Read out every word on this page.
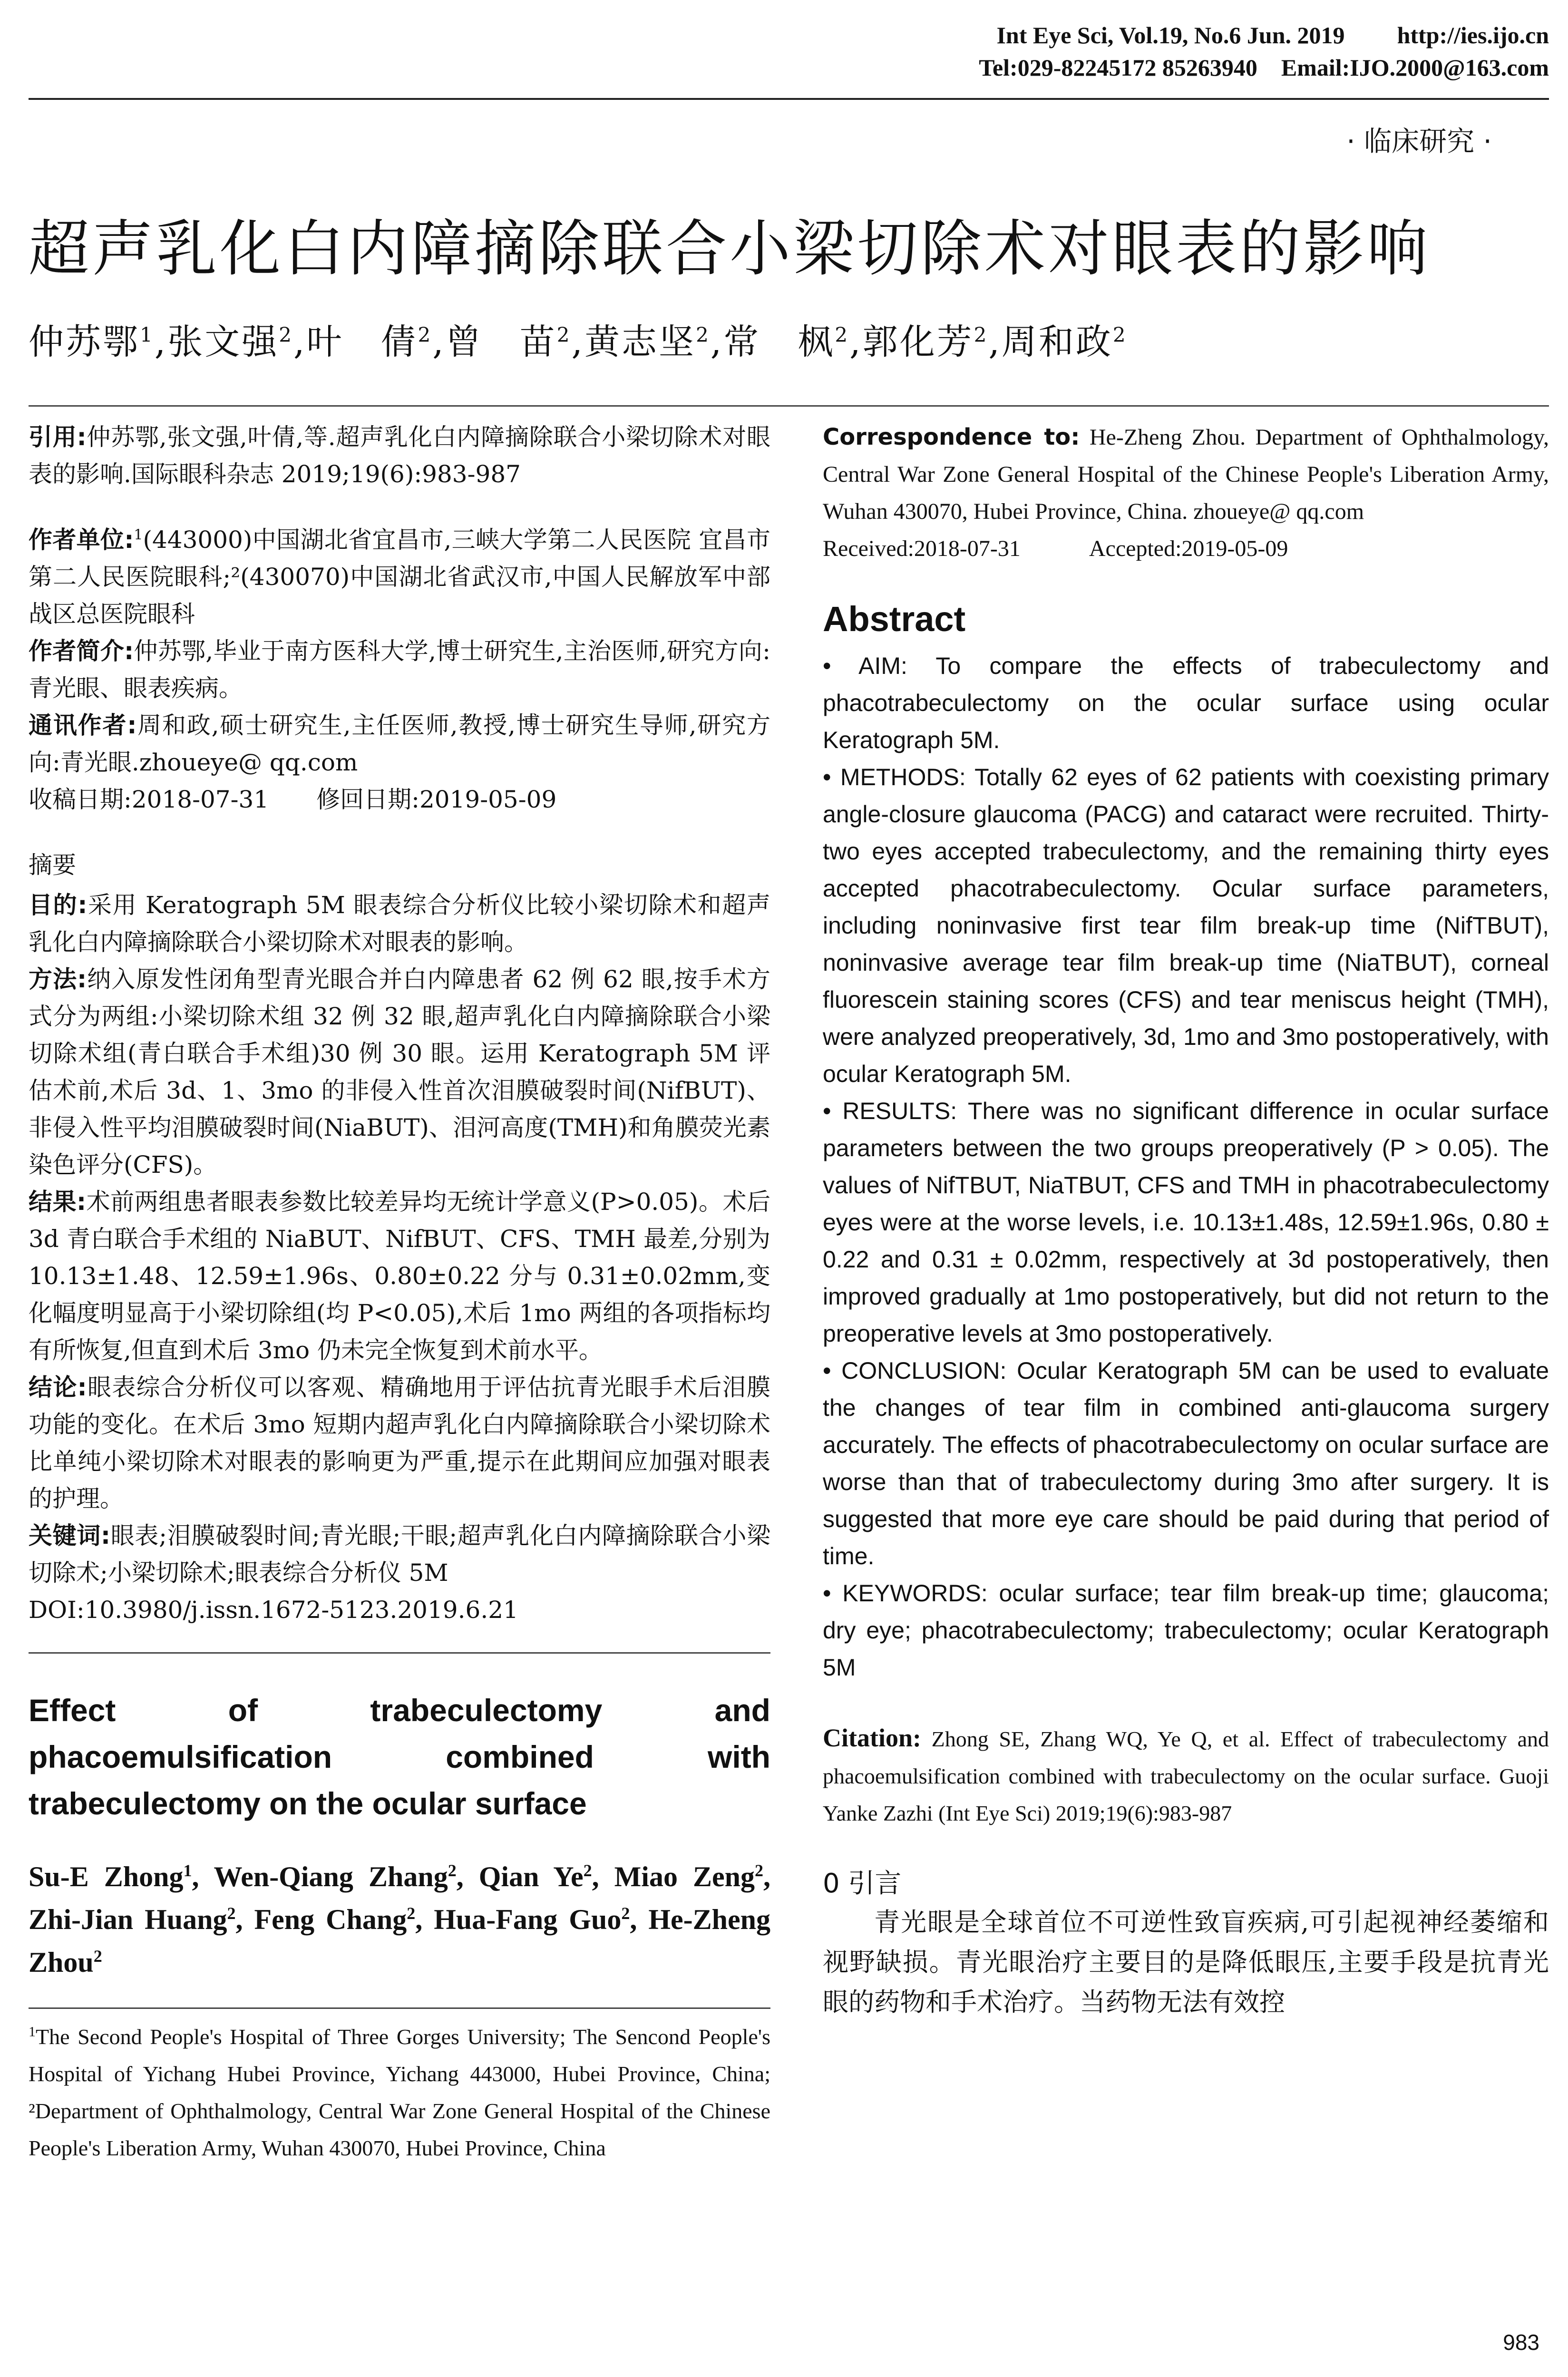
Int Eye Sci, Vol.19, No.6 Jun. 2019 http://ies.ijo.cn
Tel:029-82245172 85263940 Email:IJO.2000@163.com
· 临床研究 ·
超声乳化白内障摘除联合小梁切除术对眼表的影响
仲苏鄂$^1$,张文强$^2$,叶　倩$^2$,曾　苗$^2$,黄志坚$^2$,常　枫$^2$,郭化芳$^2$,周和政$^2$

引用:仲苏鄂,张文强,叶倩,等.超声乳化白内障摘除联合小梁切除术对眼表的影响.国际眼科杂志 2019;19(6):983-987

作者单位:$^1$(443000)中国湖北省宜昌市,三峡大学第二人民医院 宜昌市第二人民医院眼科;²(430070)中国湖北省武汉市,中国人民解放军中部战区总医院眼科

作者简介:仲苏鄂,毕业于南方医科大学,博士研究生,主治医师,研究方向:青光眼、眼表疾病。

通讯作者:周和政,硕士研究生,主任医师,教授,博士研究生导师,研究方向:青光眼.zhoueye@ qq.com

收稿日期:2018-07-31　　修回日期:2019-05-09

摘要

目的:采用 Keratograph 5M 眼表综合分析仪比较小梁切除术和超声乳化白内障摘除联合小梁切除术对眼表的影响。

方法:纳入原发性闭角型青光眼合并白内障患者 62 例 62 眼,按手术方式分为两组:小梁切除术组 32 例 32 眼,超声乳化白内障摘除联合小梁切除术组(青白联合手术组)30 例 30 眼。运用 Keratograph 5M 评估术前,术后 3d、1、3mo 的非侵入性首次泪膜破裂时间(NifBUT)、非侵入性平均泪膜破裂时间(NiaBUT)、泪河高度(TMH)和角膜荧光素染色评分(CFS)。

结果:术前两组患者眼表参数比较差异均无统计学意义(P>0.05)。术后 3d 青白联合手术组的 NiaBUT、NifBUT、CFS、TMH 最差,分别为 10.13±1.48、12.59±1.96s、0.80±0.22 分与 0.31±0.02mm,变化幅度明显高于小梁切除组(均 P<0.05),术后 1mo 两组的各项指标均有所恢复,但直到术后 3mo 仍未完全恢复到术前水平。

结论:眼表综合分析仪可以客观、精确地用于评估抗青光眼手术后泪膜功能的变化。在术后 3mo 短期内超声乳化白内障摘除联合小梁切除术比单纯小梁切除术对眼表的影响更为严重,提示在此期间应加强对眼表的护理。

关键词:眼表;泪膜破裂时间;青光眼;干眼;超声乳化白内障摘除联合小梁切除术;小梁切除术;眼表综合分析仪 5M

DOI:10.3980/j.issn.1672-5123.2019.6.21

Effect of trabeculectomy and phacoemulsification combined with trabeculectomy on the ocular surface
Su-E Zhong$^1$, Wen-Qiang Zhang$^2$, Qian Ye$^2$, Miao Zeng$^2$, Zhi-Jian Huang$^2$, Feng Chang$^2$, Hua-Fang Guo$^2$, He-Zheng Zhou$^2$
$^1$The Second People's Hospital of Three Gorges University; The Sencond People's Hospital of Yichang Hubei Province, Yichang 443000, Hubei Province, China; ²Department of Ophthalmology, Central War Zone General Hospital of the Chinese People's Liberation Army, Wuhan 430070, Hubei Province, China
Correspondence to: He-Zheng Zhou. Department of Ophthalmology, Central War Zone General Hospital of the Chinese People's Liberation Army, Wuhan 430070, Hubei Province, China. zhoueye@ qq.com
Received:2018-07-31　　　Accepted:2019-05-09
Abstract

• AIM: To compare the effects of trabeculectomy and phacotrabeculectomy on the ocular surface using ocular Keratograph 5M.

• METHODS: Totally 62 eyes of 62 patients with coexisting primary angle-closure glaucoma (PACG) and cataract were recruited. Thirty-two eyes accepted trabeculectomy, and the remaining thirty eyes accepted phacotrabeculectomy. Ocular surface parameters, including noninvasive first tear film break-up time (NifTBUT), noninvasive average tear film break-up time (NiaTBUT), corneal fluorescein staining scores (CFS) and tear meniscus height (TMH), were analyzed preoperatively, 3d, 1mo and 3mo postoperatively, with ocular Keratograph 5M.

• RESULTS: There was no significant difference in ocular surface parameters between the two groups preoperatively (P > 0.05). The values of NifTBUT, NiaTBUT, CFS and TMH in phacotrabeculectomy eyes were at the worse levels, i.e. 10.13±1.48s, 12.59±1.96s, 0.80 ± 0.22 and 0.31 ± 0.02mm, respectively at 3d postoperatively, then improved gradually at 1mo postoperatively, but did not return to the preoperative levels at 3mo postoperatively.

• CONCLUSION: Ocular Keratograph 5M can be used to evaluate the changes of tear film in combined anti-glaucoma surgery accurately. The effects of phacotrabeculectomy on ocular surface are worse than that of trabeculectomy during 3mo after surgery. It is suggested that more eye care should be paid during that period of time.

• KEYWORDS: ocular surface; tear film break-up time; glaucoma; dry eye; phacotrabeculectomy; trabeculectomy; ocular Keratograph 5M

Citation: Zhong SE, Zhang WQ, Ye Q, et al. Effect of trabeculectomy and phacoemulsification combined with trabeculectomy on the ocular surface. Guoji Yanke Zazhi (Int Eye Sci) 2019;19(6):983-987
0 引言
青光眼是全球首位不可逆性致盲疾病,可引起视神经萎缩和视野缺损。青光眼治疗主要目的是降低眼压,主要手段是抗青光眼的药物和手术治疗。当药物无法有效控
983
